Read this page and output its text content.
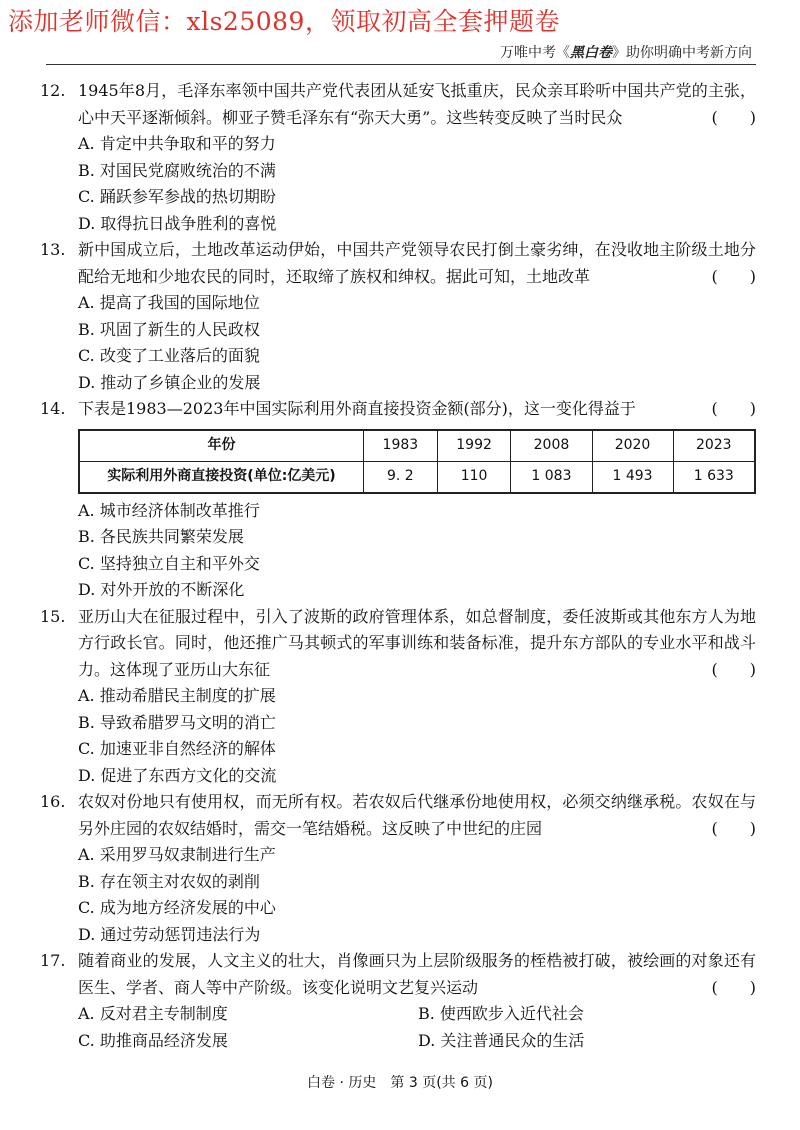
添加老师微信：xls25089，领取初高全套押题卷
万唯中考《黑白卷》助你明确中考新方向
12. 1945年8月，毛泽东率领中国共产党代表团从延安飞抵重庆，民众亲耳聆听中国共产党的主张，心中天平逐渐倾斜。柳亚子赞毛泽东有“弥天大勇”。这些转变反映了当时民众	(　　)
A. 肯定中共争取和平的努力
B. 对国民党腐败统治的不满
C. 踊跃参军参战的热切期盼
D. 取得抗日战争胜利的喜悦
13. 新中国成立后，土地改革运动伊始，中国共产党领导农民打倒土豪劣绅，在没收地主阶级土地分配给无地和少地农民的同时，还取缔了族权和绅权。据此可知，土地改革	(　　)
A. 提高了我国的国际地位
B. 巩固了新生的人民政权
C. 改变了工业落后的面貌
D. 推动了乡镇企业的发展
14. 下表是1983—2023年中国实际利用外商直接投资金额(部分)，这一变化得益于	(　　)
年份	1983	1992	2008	2020	2023
实际利用外商直接投资(单位:亿美元)	9. 2	110	1 083	1 493	1 633
A. 城市经济体制改革推行
B. 各民族共同繁荣发展
C. 坚持独立自主和平外交
D. 对外开放的不断深化
15. 亚历山大在征服过程中，引入了波斯的政府管理体系，如总督制度，委任波斯或其他东方人为地方行政长官。同时，他还推广马其顿式的军事训练和装备标准，提升东方部队的专业水平和战斗力。这体现了亚历山大东征	(　　)
A. 推动希腊民主制度的扩展
B. 导致希腊罗马文明的消亡
C. 加速亚非自然经济的解体
D. 促进了东西方文化的交流
16. 农奴对份地只有使用权，而无所有权。若农奴后代继承份地使用权，必须交纳继承税。农奴在与另外庄园的农奴结婚时，需交一笔结婚税。这反映了中世纪的庄园	(　　)
A. 采用罗马奴隶制进行生产
B. 存在领主对农奴的剥削
C. 成为地方经济发展的中心
D. 通过劳动惩罚违法行为
17. 随着商业的发展，人文主义的壮大，肖像画只为上层阶级服务的桎梏被打破，被绘画的对象还有医生、学者、商人等中产阶级。该变化说明文艺复兴运动	(　　)
A. 反对君主专制制度	B. 使西欧步入近代社会
C. 助推商品经济发展	D. 关注普通民众的生活
白卷 · 历史　第 3 页(共 6 页)
